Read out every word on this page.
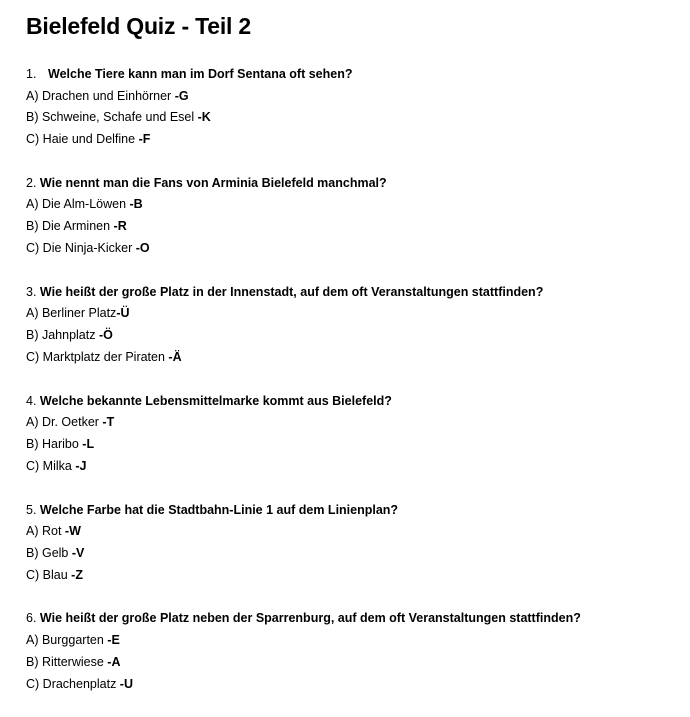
Bielefeld Quiz - Teil 2
1. Welche Tiere kann man im Dorf Sentana oft sehen?
A) Drachen und Einhörner -G
B) Schweine, Schafe und Esel -K
C) Haie und Delfine -F
2. Wie nennt man die Fans von Arminia Bielefeld manchmal?
A) Die Alm-Löwen -B
B) Die Arminen -R
C) Die Ninja-Kicker -O
3. Wie heißt der große Platz in der Innenstadt, auf dem oft Veranstaltungen stattfinden?
A) Berliner Platz-Ü
B) Jahnplatz -Ö
C) Marktplatz der Piraten -Ä
4. Welche bekannte Lebensmittelmarke kommt aus Bielefeld?
A) Dr. Oetker -T
B) Haribo -L
C) Milka -J
5. Welche Farbe hat die Stadtbahn-Linie 1 auf dem Linienplan?
A) Rot -W
B) Gelb -V
C) Blau -Z
6. Wie heißt der große Platz neben der Sparrenburg, auf dem oft Veranstaltungen stattfinden?
A) Burggarten -E
B) Ritterwiese -A
C) Drachenplatz -U
